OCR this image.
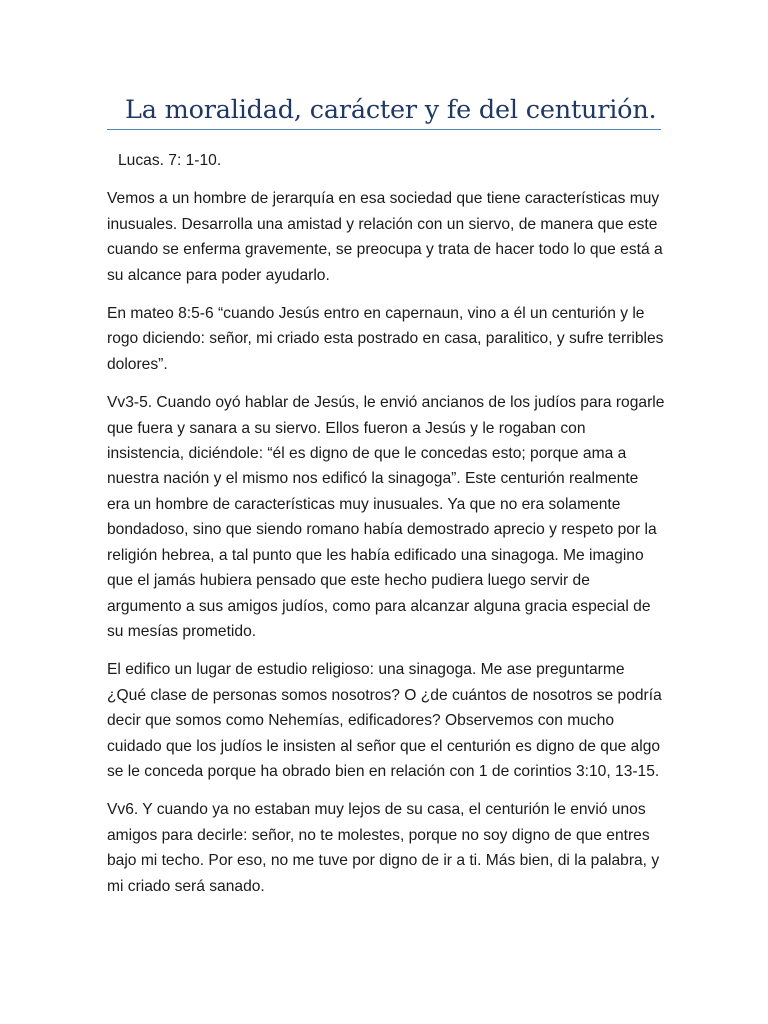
La moralidad, carácter y fe del centurión.

Lucas. 7: 1-10.

Vemos a un hombre de jerarquía en esa sociedad que tiene características muy inusuales. Desarrolla una amistad y relación con un siervo, de manera que este cuando se enferma gravemente, se preocupa y trata de hacer todo lo que está a su alcance para poder ayudarlo.

En mateo 8:5-6 “cuando Jesús entro en capernaun, vino a él un centurión y le rogo diciendo: señor, mi criado esta postrado en casa, paralitico, y sufre terribles dolores”.

Vv3-5. Cuando oyó hablar de Jesús, le envió ancianos de los judíos para rogarle que fuera y sanara a su siervo. Ellos fueron a Jesús y le rogaban con insistencia, diciéndole: “él es digno de que le concedas esto; porque ama a nuestra nación y el mismo nos edificó la sinagoga”. Este centurión realmente era un hombre de características muy inusuales. Ya que no era solamente bondadoso, sino que siendo romano había demostrado aprecio y respeto por la religión hebrea, a tal punto que les había edificado una sinagoga. Me imagino que el jamás hubiera pensado que este hecho pudiera luego servir de argumento a sus amigos judíos, como para alcanzar alguna gracia especial de su mesías prometido.

El edifico un lugar de estudio religioso: una sinagoga. Me ase preguntarme ¿Qué clase de personas somos nosotros? O ¿de cuántos de nosotros se podría decir que somos como Nehemías, edificadores? Observemos con mucho cuidado que los judíos le insisten al señor que el centurión es digno de que algo se le conceda porque ha obrado bien en relación con 1 de corintios 3:10, 13-15.

Vv6. Y cuando ya no estaban muy lejos de su casa, el centurión le envió unos amigos para decirle: señor, no te molestes, porque no soy digno de que entres bajo mi techo. Por eso, no me tuve por digno de ir a ti. Más bien, di la palabra, y mi criado será sanado.
